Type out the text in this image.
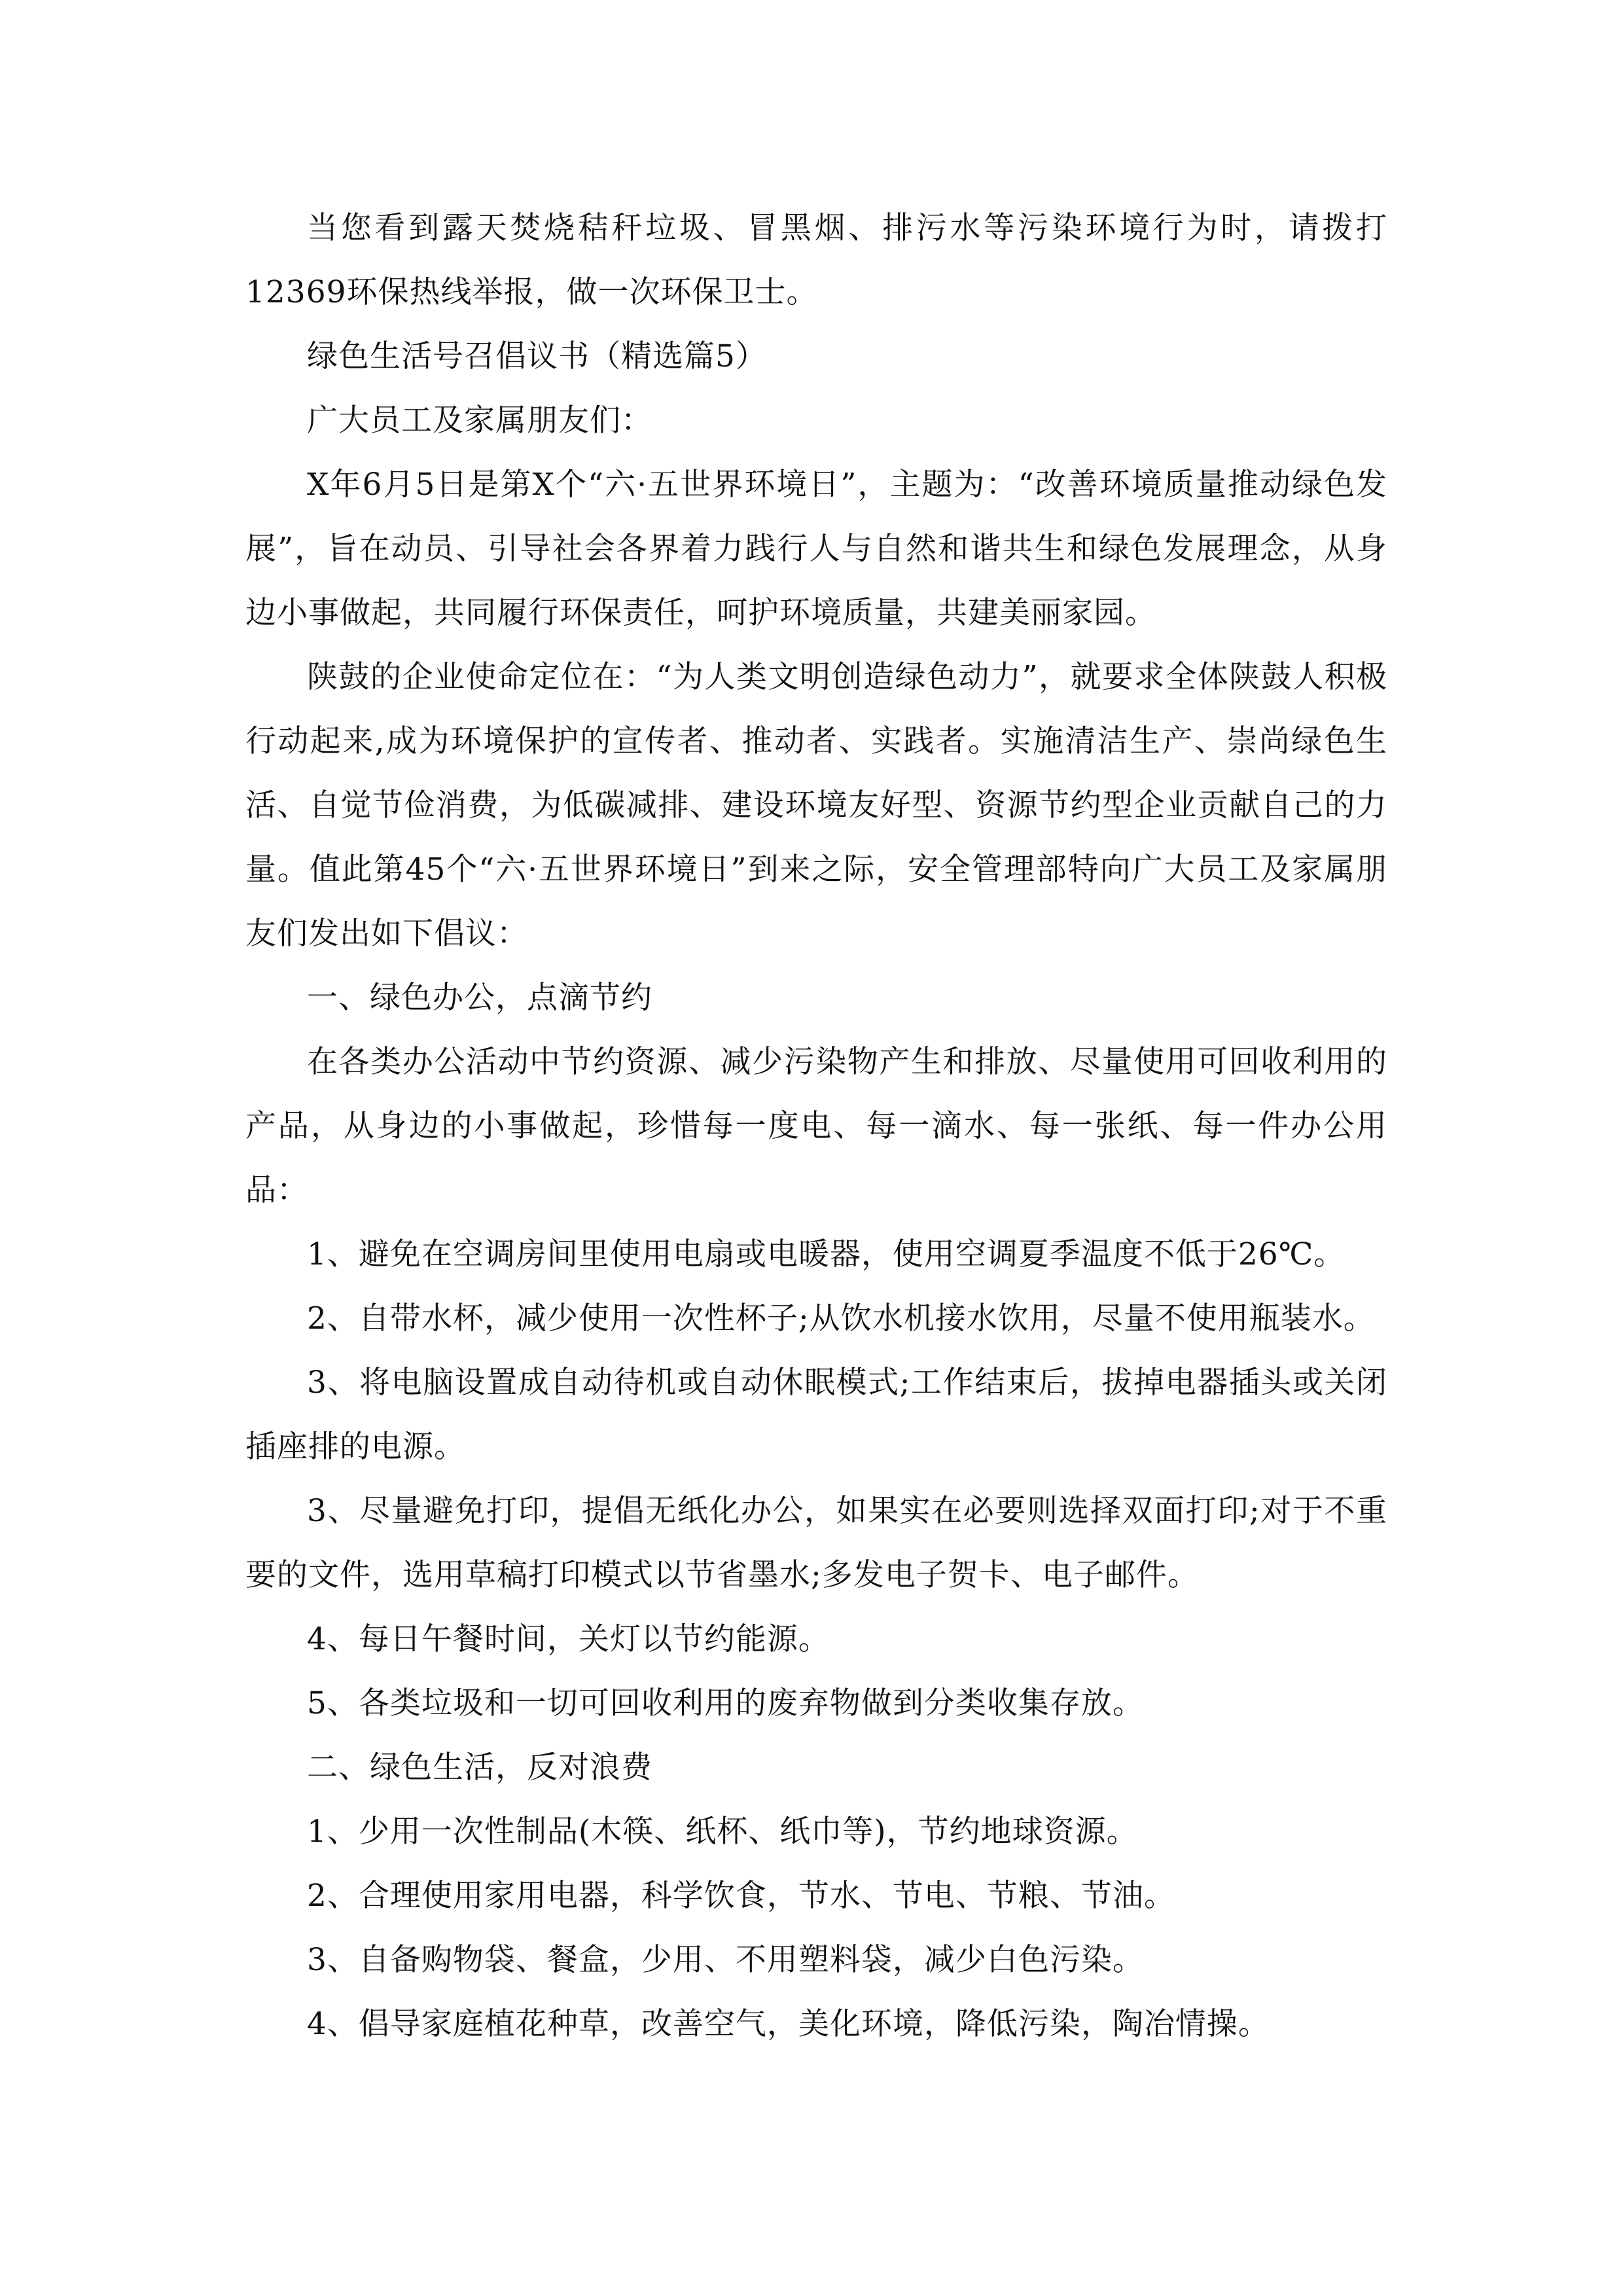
当您看到露天焚烧秸秆垃圾、冒黑烟、排污水等污染环境行为时，请拨打12369环保热线举报，做一次环保卫士。

绿色生活号召倡议书（精选篇5）

广大员工及家属朋友们：

X年6月5日是第X个“六·五世界环境日”，主题为：“改善环境质量推动绿色发展”，旨在动员、引导社会各界着力践行人与自然和谐共生和绿色发展理念，从身边小事做起，共同履行环保责任，呵护环境质量，共建美丽家园。

陕鼓的企业使命定位在：“为人类文明创造绿色动力”，就要求全体陕鼓人积极行动起来,成为环境保护的宣传者、推动者、实践者。实施清洁生产、崇尚绿色生活、自觉节俭消费，为低碳减排、建设环境友好型、资源节约型企业贡献自己的力量。值此第45个“六·五世界环境日”到来之际，安全管理部特向广大员工及家属朋友们发出如下倡议：

一、绿色办公，点滴节约

在各类办公活动中节约资源、减少污染物产生和排放、尽量使用可回收利用的产品，从身边的小事做起，珍惜每一度电、每一滴水、每一张纸、每一件办公用品：

1、避免在空调房间里使用电扇或电暖器，使用空调夏季温度不低于26℃。

2、自带水杯，减少使用一次性杯子;从饮水机接水饮用，尽量不使用瓶装水。

3、将电脑设置成自动待机或自动休眠模式;工作结束后，拔掉电器插头或关闭插座排的电源。

3、尽量避免打印，提倡无纸化办公，如果实在必要则选择双面打印;对于不重要的文件，选用草稿打印模式以节省墨水;多发电子贺卡、电子邮件。

4、每日午餐时间，关灯以节约能源。

5、各类垃圾和一切可回收利用的废弃物做到分类收集存放。

二、绿色生活，反对浪费

1、少用一次性制品(木筷、纸杯、纸巾等)，节约地球资源。

2、合理使用家用电器，科学饮食，节水、节电、节粮、节油。

3、自备购物袋、餐盒，少用、不用塑料袋，减少白色污染。

4、倡导家庭植花种草，改善空气，美化环境，降低污染，陶冶情操。
